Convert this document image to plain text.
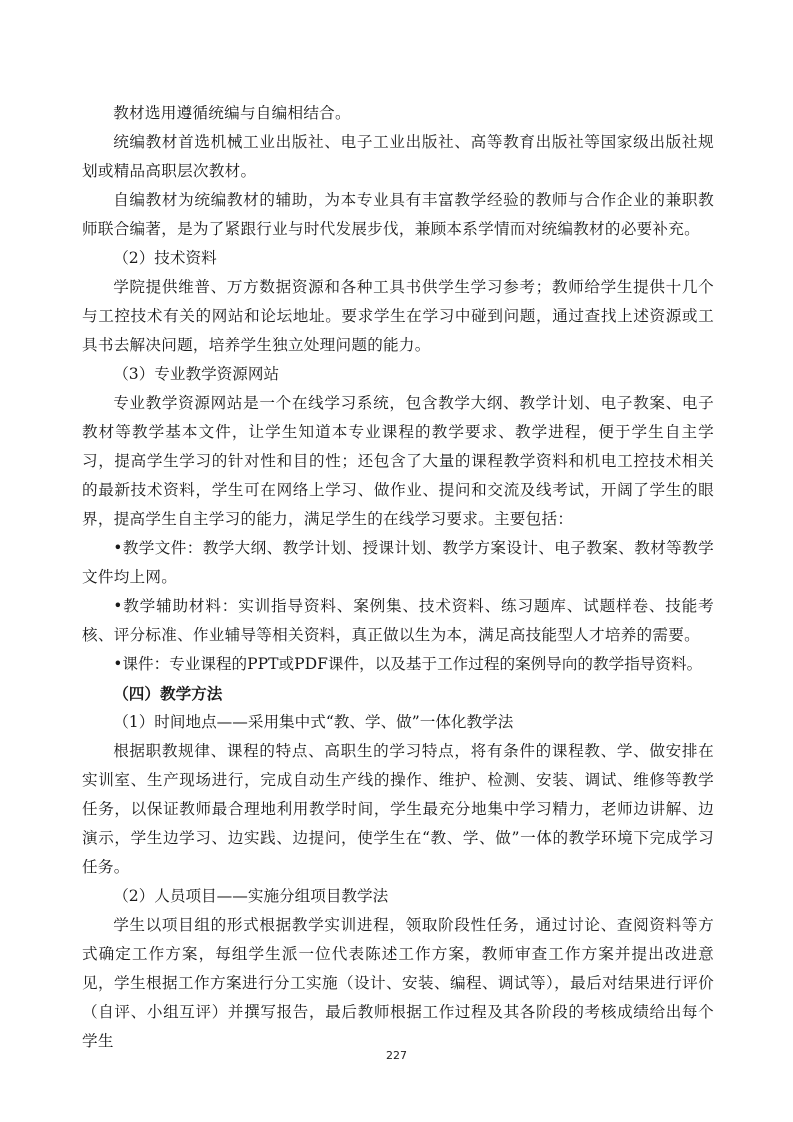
教材选用遵循统编与自编相结合。

统编教材首选机械工业出版社、电子工业出版社、高等教育出版社等国家级出版社规划或精品高职层次教材。

自编教材为统编教材的辅助，为本专业具有丰富教学经验的教师与合作企业的兼职教师联合编著，是为了紧跟行业与时代发展步伐，兼顾本系学情而对统编教材的必要补充。

（2）技术资料

学院提供维普、万方数据资源和各种工具书供学生学习参考；教师给学生提供十几个与工控技术有关的网站和论坛地址。要求学生在学习中碰到问题，通过查找上述资源或工具书去解决问题，培养学生独立处理问题的能力。

（3）专业教学资源网站

专业教学资源网站是一个在线学习系统，包含教学大纲、教学计划、电子教案、电子教材等教学基本文件，让学生知道本专业课程的教学要求、教学进程，便于学生自主学习，提高学生学习的针对性和目的性；还包含了大量的课程教学资料和机电工控技术相关的最新技术资料，学生可在网络上学习、做作业、提问和交流及线考试，开阔了学生的眼界，提高学生自主学习的能力，满足学生的在线学习要求。主要包括：

•教学文件：教学大纲、教学计划、授课计划、教学方案设计、电子教案、教材等教学文件均上网。

•教学辅助材料：实训指导资料、案例集、技术资料、练习题库、试题样卷、技能考核、评分标准、作业辅导等相关资料，真正做以生为本，满足高技能型人才培养的需要。

•课件：专业课程的PPT或PDF课件，以及基于工作过程的案例导向的教学指导资料。

（四）教学方法

（1）时间地点——采用集中式“教、学、做”一体化教学法

根据职教规律、课程的特点、高职生的学习特点，将有条件的课程教、学、做安排在实训室、生产现场进行，完成自动生产线的操作、维护、检测、安装、调试、维修等教学任务，以保证教师最合理地利用教学时间，学生最充分地集中学习精力，老师边讲解、边演示，学生边学习、边实践、边提问，使学生在“教、学、做”一体的教学环境下完成学习任务。

（2）人员项目——实施分组项目教学法

学生以项目组的形式根据教学实训进程，领取阶段性任务，通过讨论、查阅资料等方式确定工作方案，每组学生派一位代表陈述工作方案，教师审查工作方案并提出改进意见，学生根据工作方案进行分工实施（设计、安装、编程、调试等），最后对结果进行评价（自评、小组互评）并撰写报告，最后教师根据工作过程及其各阶段的考核成绩给出每个学生

227
